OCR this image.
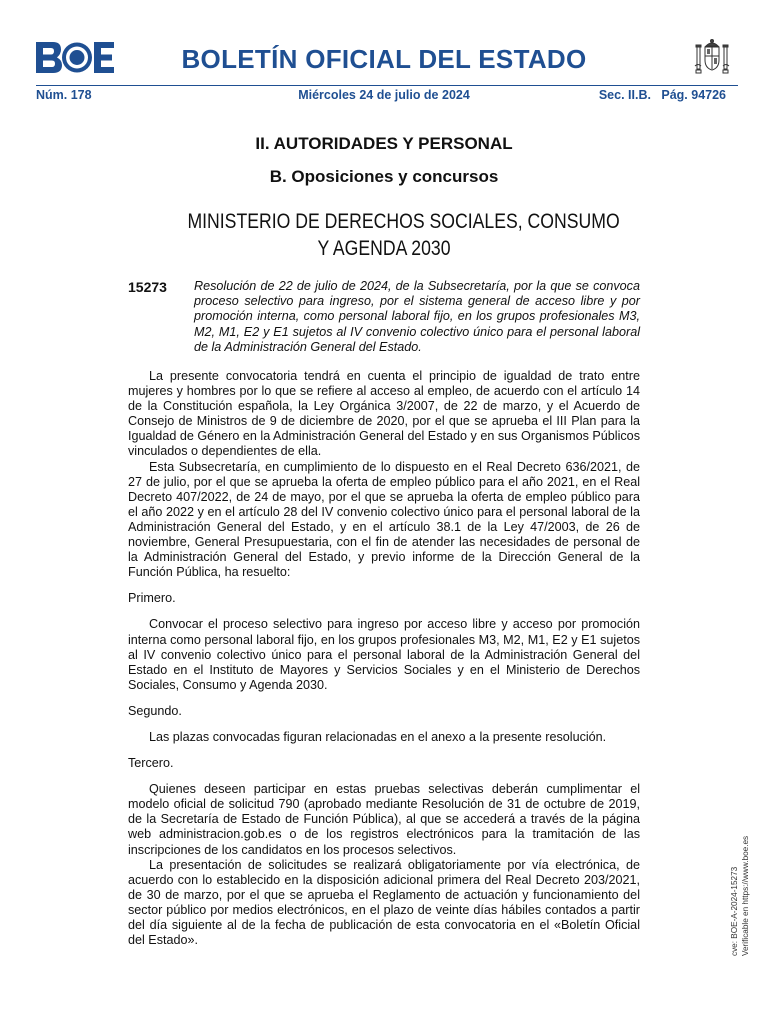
BOLETÍN OFICIAL DEL ESTADO
Núm. 178	Miércoles 24 de julio de 2024	Sec. II.B.   Pág. 94726
II. AUTORIDADES Y PERSONAL
B. Oposiciones y concursos
MINISTERIO DE DERECHOS SOCIALES, CONSUMO
Y AGENDA 2030
15273 Resolución de 22 de julio de 2024, de la Subsecretaría, por la que se convoca proceso selectivo para ingreso, por el sistema general de acceso libre y por promoción interna, como personal laboral fijo, en los grupos profesionales M3, M2, M1, E2 y E1 sujetos al IV convenio colectivo único para el personal laboral de la Administración General del Estado.

La presente convocatoria tendrá en cuenta el principio de igualdad de trato entre mujeres y hombres por lo que se refiere al acceso al empleo, de acuerdo con el artículo 14 de la Constitución española, la Ley Orgánica 3/2007, de 22 de marzo, y el Acuerdo de Consejo de Ministros de 9 de diciembre de 2020, por el que se aprueba el III Plan para la Igualdad de Género en la Administración General del Estado y en sus Organismos Públicos vinculados o dependientes de ella.

Esta Subsecretaría, en cumplimiento de lo dispuesto en el Real Decreto 636/2021, de 27 de julio, por el que se aprueba la oferta de empleo público para el año 2021, en el Real Decreto 407/2022, de 24 de mayo, por el que se aprueba la oferta de empleo público para el año 2022 y en el artículo 28 del IV convenio colectivo único para el personal laboral de la Administración General del Estado, y en el artículo 38.1 de la Ley 47/2003, de 26 de noviembre, General Presupuestaria, con el fin de atender las necesidades de personal de la Administración General del Estado, y previo informe de la Dirección General de la Función Pública, ha resuelto:

Primero.

Convocar el proceso selectivo para ingreso por acceso libre y acceso por promoción interna como personal laboral fijo, en los grupos profesionales M3, M2, M1, E2 y E1 sujetos al IV convenio colectivo único para el personal laboral de la Administración General del Estado en el Instituto de Mayores y Servicios Sociales y en el Ministerio de Derechos Sociales, Consumo y Agenda 2030.

Segundo.

Las plazas convocadas figuran relacionadas en el anexo a la presente resolución.

Tercero.

Quienes deseen participar en estas pruebas selectivas deberán cumplimentar el modelo oficial de solicitud 790 (aprobado mediante Resolución de 31 de octubre de 2019, de la Secretaría de Estado de Función Pública), al que se accederá a través de la página web administracion.gob.es o de los registros electrónicos para la tramitación de las inscripciones de los candidatos en los procesos selectivos.

La presentación de solicitudes se realizará obligatoriamente por vía electrónica, de acuerdo con lo establecido en la disposición adicional primera del Real Decreto 203/2021, de 30 de marzo, por el que se aprueba el Reglamento de actuación y funcionamiento del sector público por medios electrónicos, en el plazo de veinte días hábiles contados a partir del día siguiente al de la fecha de publicación de esta convocatoria en el «Boletín Oficial del Estado».	cve: BOE-A-2024-15273 Verificable en https://www.boe.es
